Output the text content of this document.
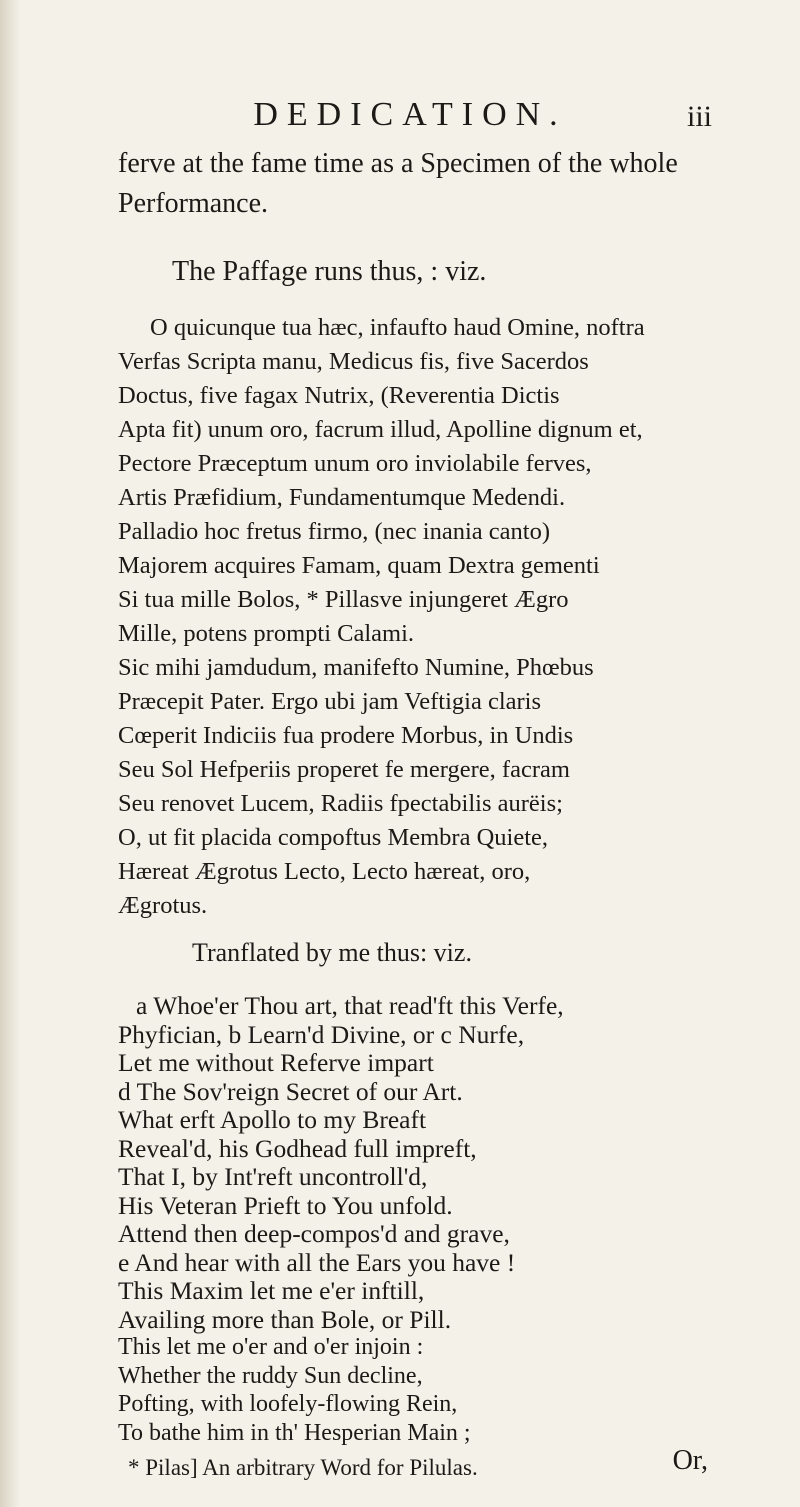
DEDICATION.	iii
ferve at the fame time as a Specimen of the whole
Performance.
The Paffage runs thus, : viz.
O quicunque tua hæc, infaufto haud Omine, noftra
Verfas Scripta manu, Medicus fis, five Sacerdos
Doctus, five fagax Nutrix, (Reverentia Dictis
Apta fit) unum oro, facrum illud, Apolline dignum et,
Pectore Præceptum unum oro inviolabile ferves,
Artis Præfidium, Fundamentumque Medendi.
Palladio hoc fretus firmo, (nec inania canto)
Majorem acquires Famam, quam Dextra gementi
Si tua mille Bolos, * Pillasve injungeret Ægro
Mille, potens prompti Calami.
Sic mihi jamdudum, manifefto Numine, Phœbus
Præcepit Pater. Ergo ubi jam Veftigia claris
Cœperit Indiciis fua prodere Morbus, in Undis
Seu Sol Hefperiis properet fe mergere, facram
Seu renovet Lucem, Radiis fpectabilis aurëis;
O, ut fit placida compoftus Membra Quiete,
Hæreat Ægrotus Lecto, Lecto hæreat, oro,
Ægrotus.
Tranflated by me thus: viz.
a Whoe'er Thou art, that read'ft this Verfe,
Phyfician, b Learn'd Divine, or c Nurfe,
Let me without Referve impart
d The Sov'reign Secret of our Art.
What erft Apollo to my Breaft
Reveal'd, his Godhead full impreft,
That I, by Int'reft uncontroll'd,
His Veteran Prieft to You unfold.
Attend then deep-compos'd and grave,
e And hear with all the Ears you have !
This Maxim let me e'er inftill,
Availing more than Bole, or Pill.
This let me o'er and o'er injoin :
Whether the ruddy Sun decline,
Pofting, with loofely-flowing Rein,
Or,
To bathe him in th' Hesperian Main ;
* Pilas] An arbitrary Word for Pilulas.
